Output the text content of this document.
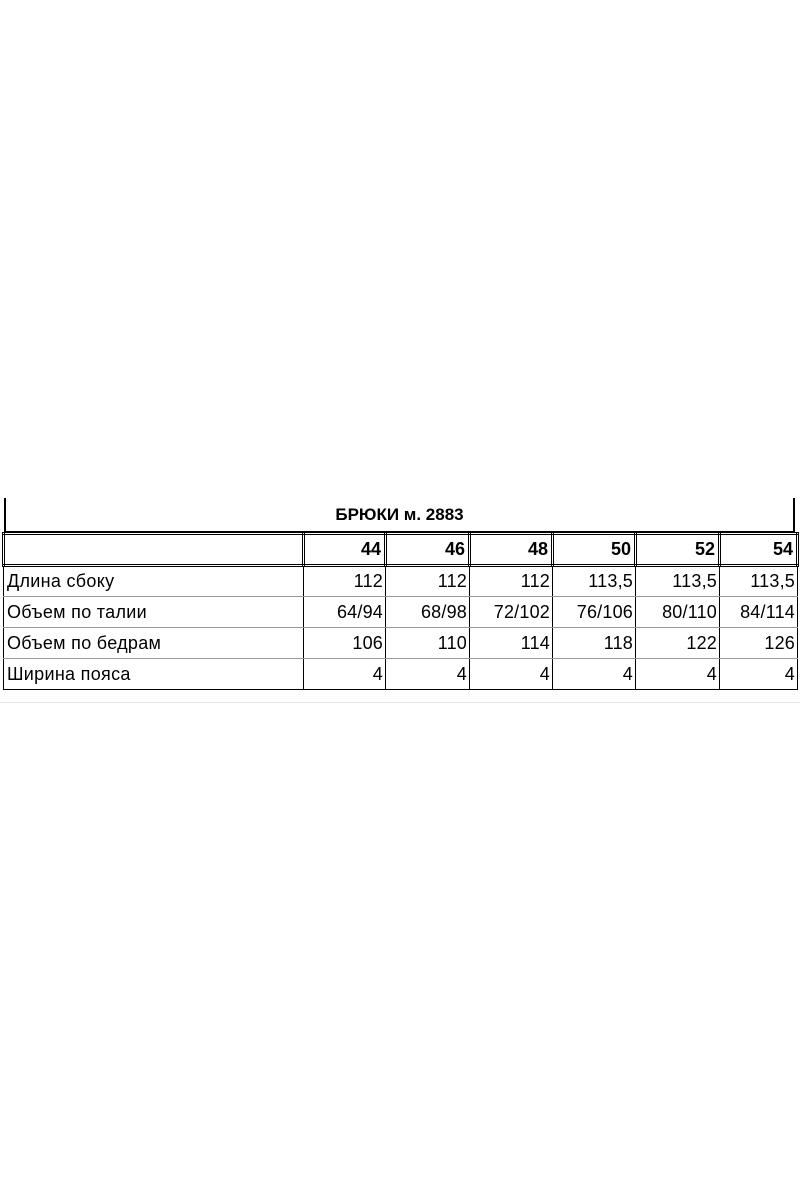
БРЮКИ м. 2883
	44	46	48	50	52	54
Длина сбоку	112	112	112	113,5	113,5	113,5
Объем по талии	64/94	68/98	72/102	76/106	80/110	84/114
Объем по бедрам	106	110	114	118	122	126
Ширина пояса	4	4	4	4	4	4
